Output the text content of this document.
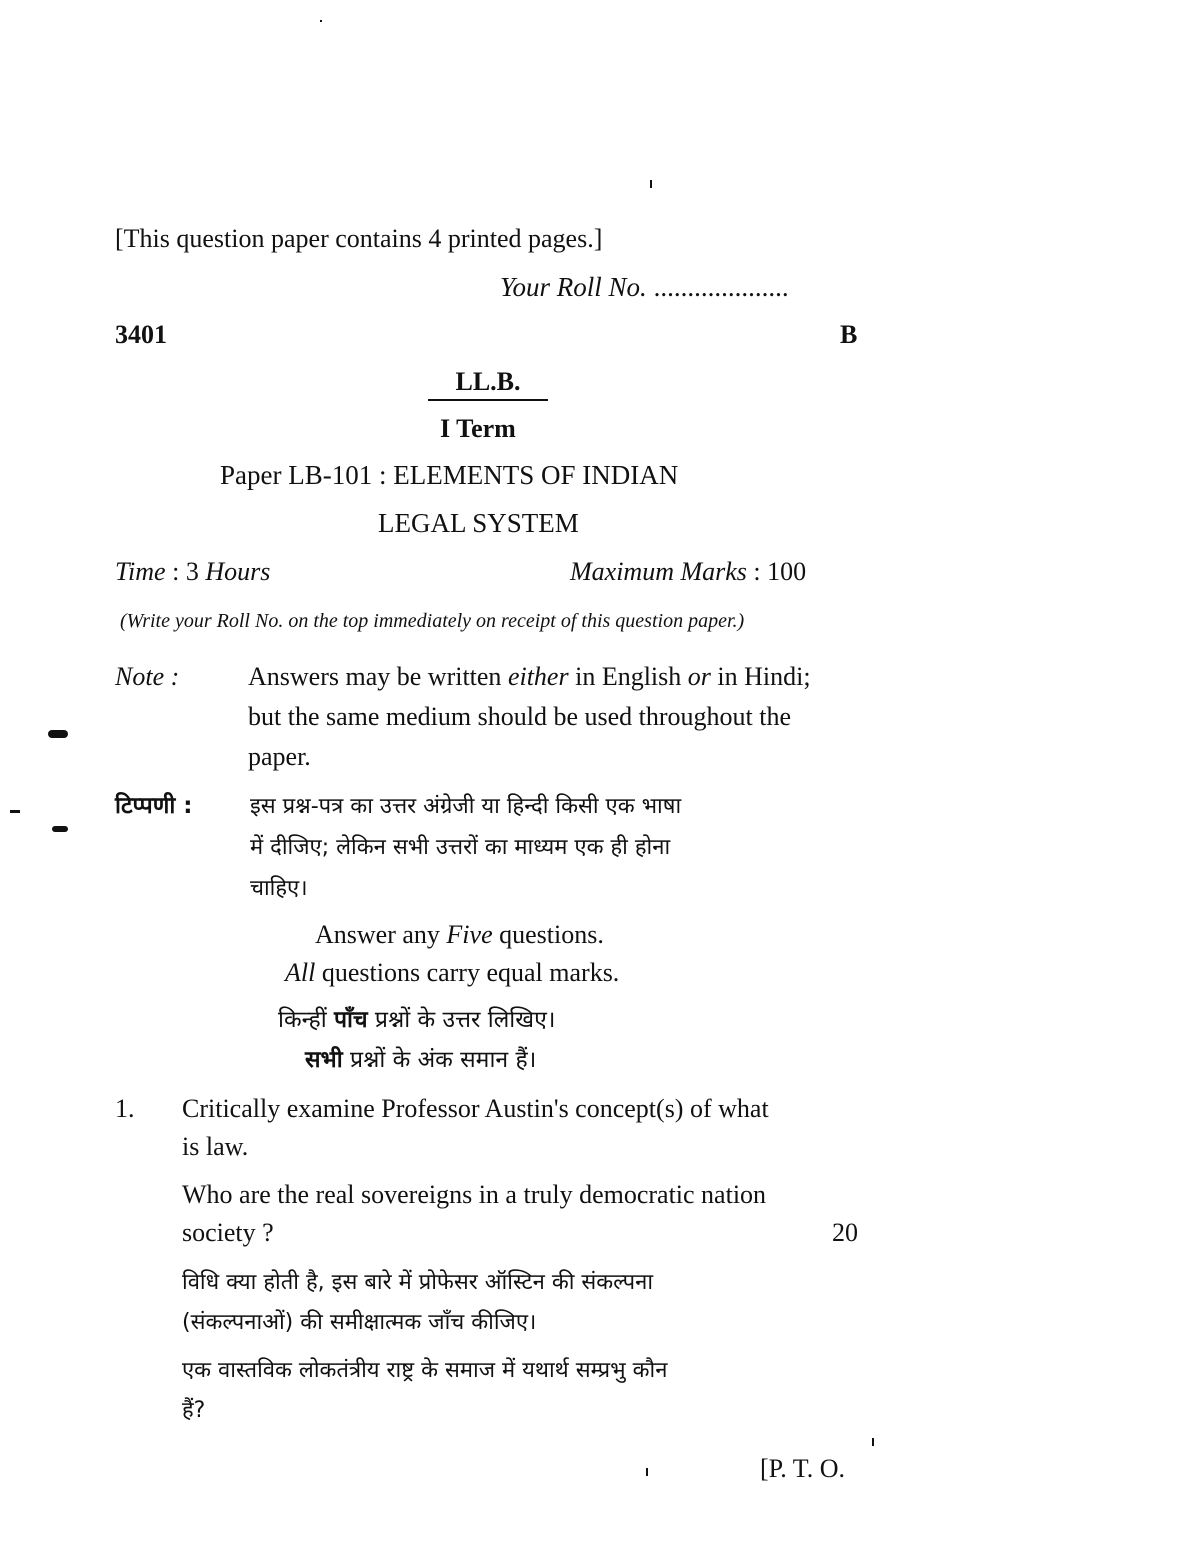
[This question paper contains 4 printed pages.]
Your Roll No. ....................
3401	B
LL.B.
I Term
Paper LB-101 : ELEMENTS OF INDIAN
LEGAL SYSTEM
Time : 3 Hours	Maximum Marks : 100
(Write your Roll No. on the top immediately on receipt of this question paper.)
Note :	Answers may be written either in English or in Hindi;
but the same medium should be used throughout the
paper.
टिप्पणी :	इस प्रश्न-पत्र का उत्तर अंग्रेजी या हिन्दी किसी एक भाषा
में दीजिए; लेकिन सभी उत्तरों का माध्यम एक ही होना
चाहिए।
Answer any Five questions.
All questions carry equal marks.
किन्हीं पाँच प्रश्नों के उत्तर लिखिए।
सभी प्रश्नों के अंक समान हैं।
1. Critically examine Professor Austin's concept(s) of what
is law.
Who are the real sovereigns in a truly democratic nation
society ?	20
विधि क्या होती है, इस बारे में प्रोफेसर ऑस्टिन की संकल्पना
(संकल्पनाओं) की समीक्षात्मक जाँच कीजिए।
एक वास्तविक लोकतंत्रीय राष्ट्र के समाज में यथार्थ सम्प्रभु कौन
हैं?
[P. T. O.
